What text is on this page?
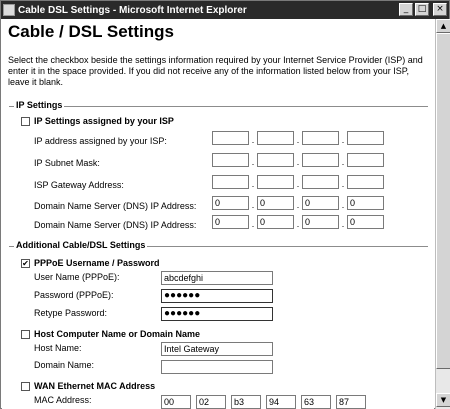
Cable DSL Settings - Microsoft Internet Explorer	_	□	×
Cable / DSL Settings
Select the checkbox beside the settings information required by your Internet Service Provider (ISP) and enter it in the space provided. If you did not receive any of the information listed below from your ISP, leave it blank.
IP Settings
IP Settings assigned by your ISP
IP address assigned by your ISP:	.	.	.
IP Subnet Mask:	.	.	.
ISP Gateway Address:	.	.	.
Domain Name Server (DNS) IP Address:	0	. 0	. 0	. 0
Domain Name Server (DNS) IP Address:	0	. 0	. 0	. 0
Additional Cable/DSL Settings
✔ PPPoE Username / Password
User Name (PPPoE):	abcdefghi
Password (PPPoE):	●●●●●●
Retype Password:	●●●●●●
Host Computer Name or Domain Name
Host Name:	Intel Gateway
Domain Name:
WAN Ethernet MAC Address
MAC Address:	00	02	b3	94	63	87
▲
▼
